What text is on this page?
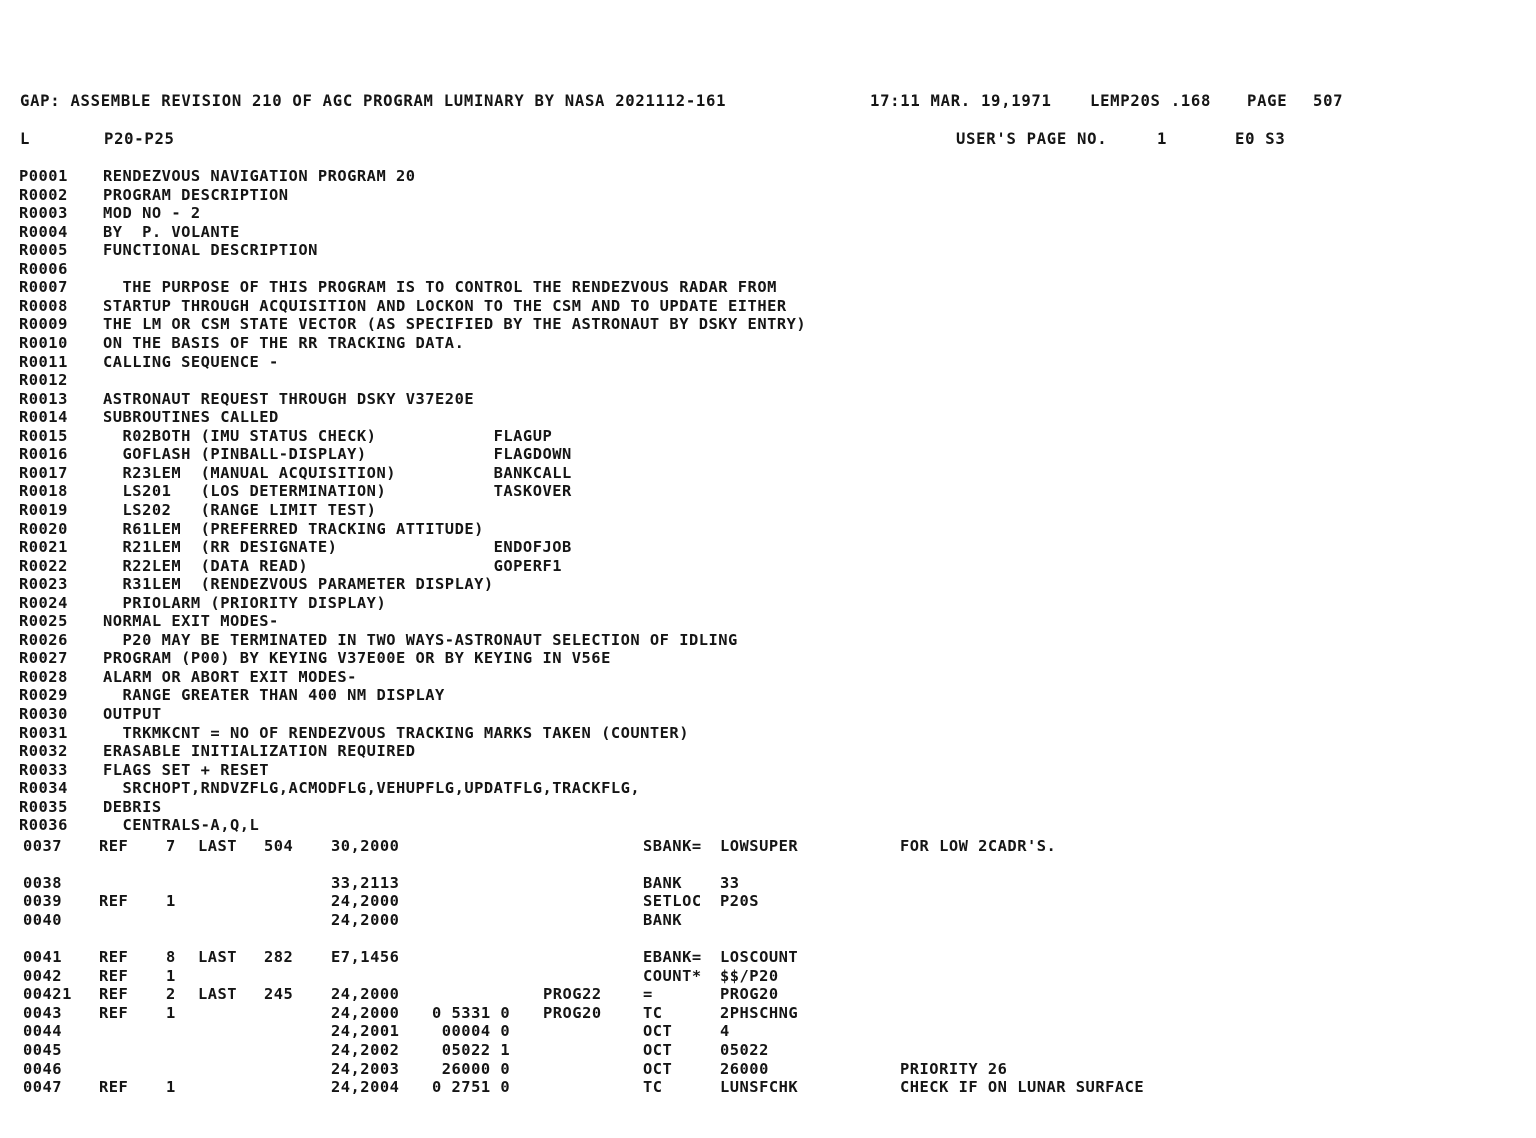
GAP: ASSEMBLE REVISION 210 OF AGC PROGRAM LUMINARY BY NASA 2021112-161

	17:11 MAR. 19,1971

LEMP20S .168

PAGE

507

L

	P20-P25

	USER'S PAGE NO.

	1

	E0 S3

P0001 RENDEZVOUS NAVIGATION PROGRAM 20
R0002 PROGRAM DESCRIPTION
R0003 MOD NO - 2
R0004 BY  P. VOLANTE
R0005 FUNCTIONAL DESCRIPTION
R0006
R0007 THE PURPOSE OF THIS PROGRAM IS TO CONTROL THE RENDEZVOUS RADAR FROM
R0008 STARTUP THROUGH ACQUISITION AND LOCKON TO THE CSM AND TO UPDATE EITHER
R0009 THE LM OR CSM STATE VECTOR (AS SPECIFIED BY THE ASTRONAUT BY DSKY ENTRY)
R0010 ON THE BASIS OF THE RR TRACKING DATA.
R0011 CALLING SEQUENCE -
R0012
R0013 ASTRONAUT REQUEST THROUGH DSKY V37E20E
R0014 SUBROUTINES CALLED
R0015 R02BOTH (IMU STATUS CHECK)            FLAGUP
R0016 GOFLASH (PINBALL-DISPLAY)             FLAGDOWN
R0017 R23LEM  (MANUAL ACQUISITION)          BANKCALL
R0018 LS201   (LOS DETERMINATION)           TASKOVER
R0019 LS202   (RANGE LIMIT TEST)
R0020 R61LEM  (PREFERRED TRACKING ATTITUDE)
R0021 R21LEM  (RR DESIGNATE)                ENDOFJOB
R0022 R22LEM  (DATA READ)                   GOPERF1
R0023 R31LEM  (RENDEZVOUS PARAMETER DISPLAY)
R0024 PRIOLARM (PRIORITY DISPLAY)
R0025 NORMAL EXIT MODES-
R0026 P20 MAY BE TERMINATED IN TWO WAYS-ASTRONAUT SELECTION OF IDLING
R0027 PROGRAM (P00) BY KEYING V37E00E OR BY KEYING IN V56E
R0028 ALARM OR ABORT EXIT MODES-
R0029 RANGE GREATER THAN 400 NM DISPLAY
R0030 OUTPUT
R0031 TRKMKCNT = NO OF RENDEZVOUS TRACKING MARKS TAKEN (COUNTER)
R0032 ERASABLE INITIALIZATION REQUIRED
R0033 FLAGS SET + RESET
R0034 SRCHOPT,RNDVZFLG,ACMODFLG,VEHUPFLG,UPDATFLG,TRACKFLG,
R0035 DEBRIS
R0036 CENTRALS-A,Q,L
0037 REF 7 LAST 504 30,2000	SBANK= LOWSUPER	FOR LOW 2CADR'S.
0038	33,2113	BANK 33
0039 REF 1	24,2000	SETLOC P20S
0040	24,2000	BANK
0041 REF 8 LAST 282 E7,1456	EBANK= LOSCOUNT
0042 REF 1	COUNT* $$/P20
00421 REF 2 LAST 245 24,2000	PROG22	=	PROG20
0043 REF 1	24,2000 0 5331 0 PROG20	TC	2PHSCHNG
0044	24,2001 00004 0	OCT	4
0045	24,2002 05022 1	OCT	05022
0046	24,2003 26000 0	OCT	26000	PRIORITY 26
0047 REF 1	24,2004 0 2751 0	TC	LUNSFCHK	CHECK IF ON LUNAR SURFACE
